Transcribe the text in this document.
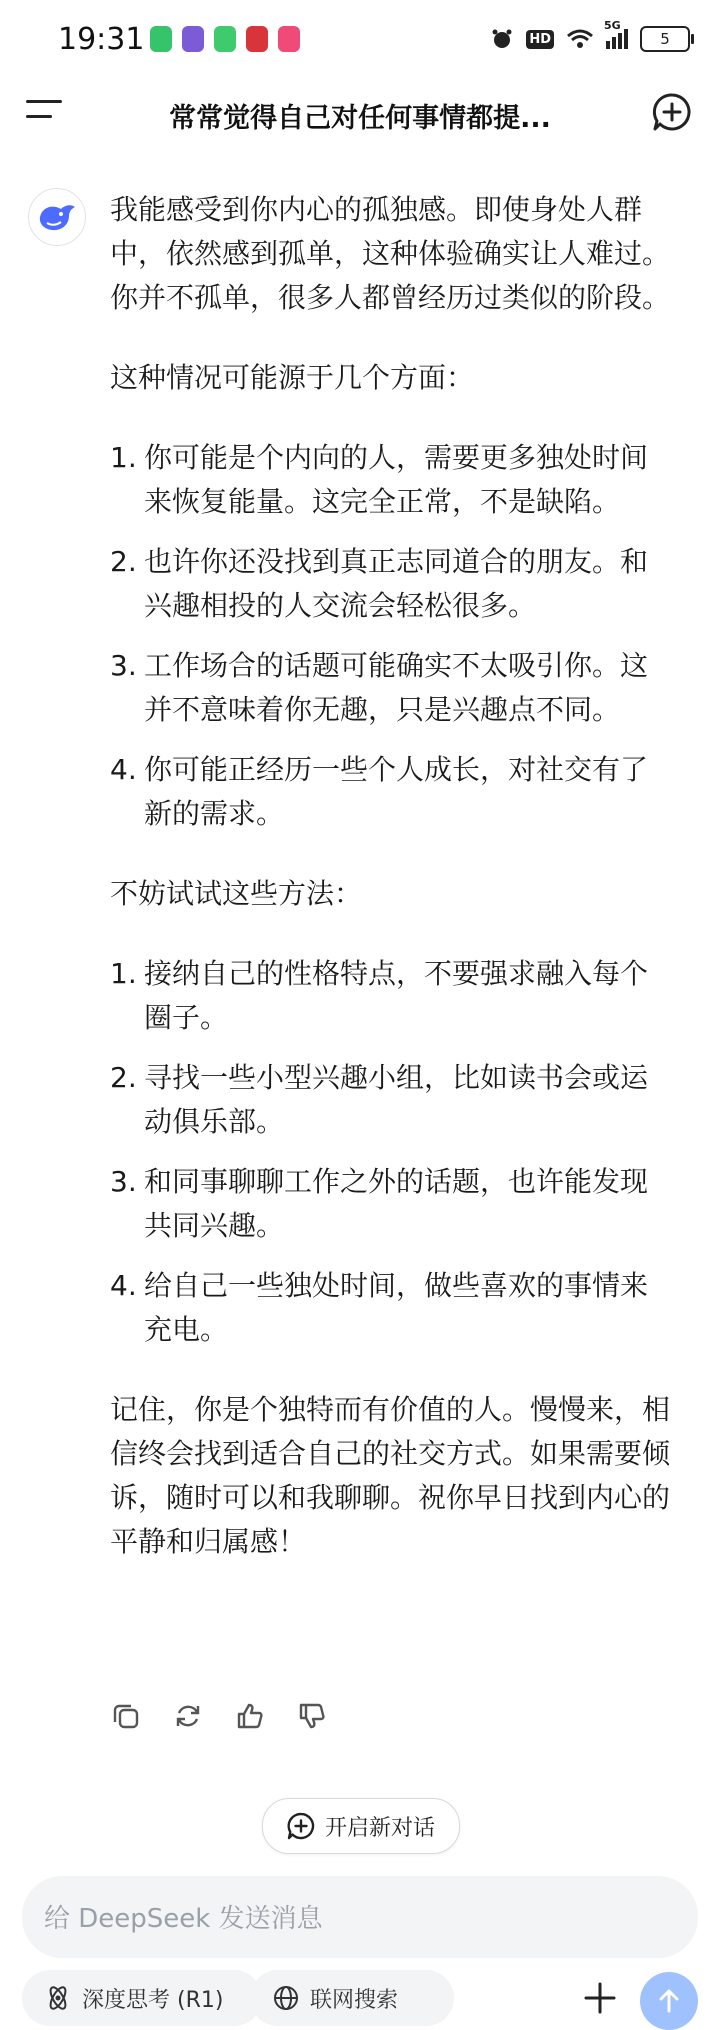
19:31	HD
5G
5
常常觉得自己对任何事情都提...

我能感受到你内心的孤独感。即使身处人群中，依然感到孤单，这种体验确实让人难过。你并不孤单，很多人都曾经历过类似的阶段。

这种情况可能源于几个方面：

1. 你可能是个内向的人，需要更多独处时间来恢复能量。这完全正常，不是缺陷。
2. 也许你还没找到真正志同道合的朋友。和兴趣相投的人交流会轻松很多。
3. 工作场合的话题可能确实不太吸引你。这并不意味着你无趣，只是兴趣点不同。
4. 你可能正经历一些个人成长，对社交有了新的需求。

不妨试试这些方法：

1. 接纳自己的性格特点，不要强求融入每个圈子。
2. 寻找一些小型兴趣小组，比如读书会或运动俱乐部。
3. 和同事聊聊工作之外的话题，也许能发现共同兴趣。
4. 给自己一些独处时间，做些喜欢的事情来充电。

记住，你是个独特而有价值的人。慢慢来，相信终会找到适合自己的社交方式。如果需要倾诉，随时可以和我聊聊。祝你早日找到内心的平静和归属感！

开启新对话
给 DeepSeek 发送消息
深度思考 (R1)	联网搜索
